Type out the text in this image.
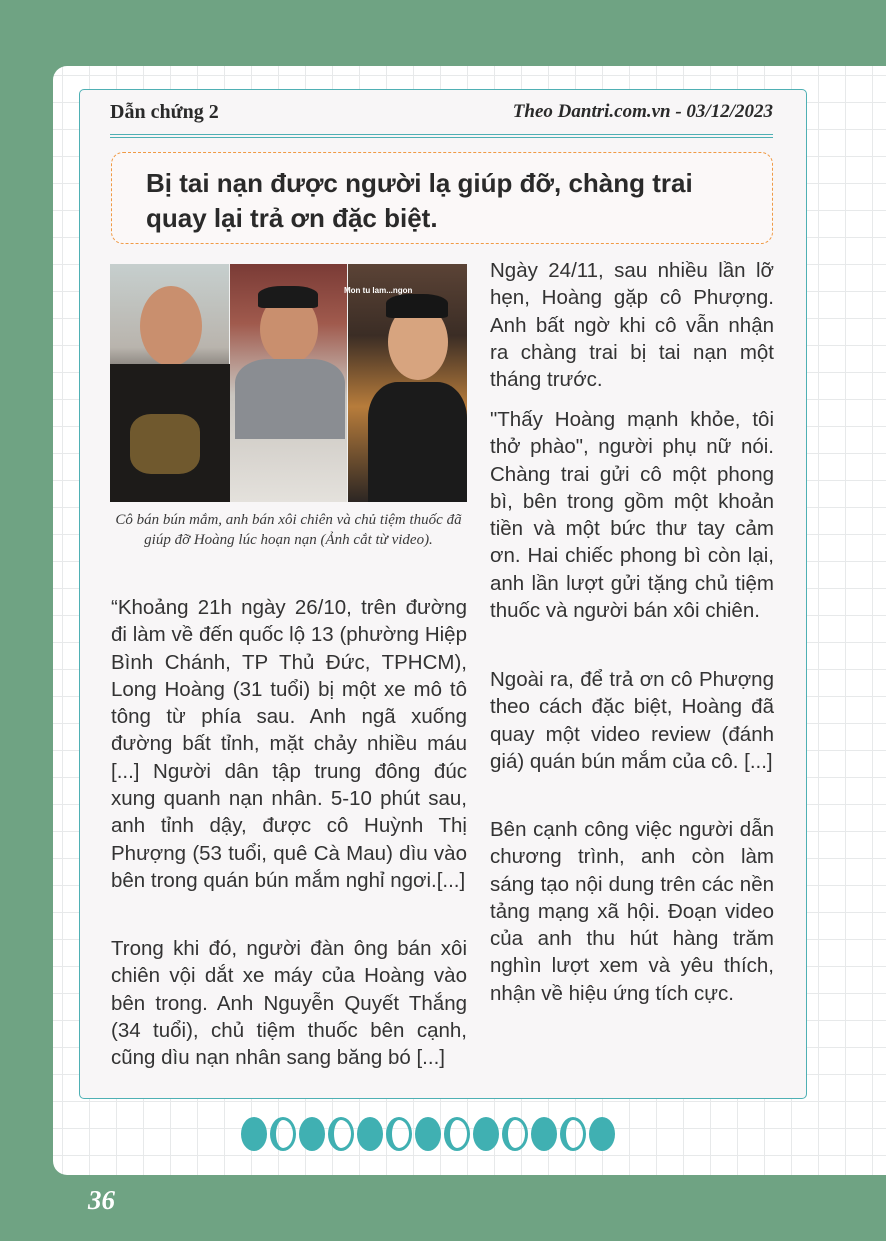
Dẫn chứng 2	Theo Dantri.com.vn - 03/12/2023
Bị tai nạn được người lạ giúp đỡ, chàng trai quay lại trả ơn đặc biệt.
Mon tu lam...ngon
Cô bán bún mắm, anh bán xôi chiên và chủ tiệm thuốc đã giúp đỡ Hoàng lúc hoạn nạn (Ảnh cắt từ video).

“Khoảng 21h ngày 26/10, trên đường đi làm về đến quốc lộ 13 (phường Hiệp Bình Chánh, TP Thủ Đức, TPHCM), Long Hoàng (31 tuổi) bị một xe mô tô tông từ phía sau. Anh ngã xuống đường bất tỉnh, mặt chảy nhiều máu [...] Người dân tập trung đông đúc xung quanh nạn nhân. 5-10 phút sau, anh tỉnh dậy, được cô Huỳnh Thị Phượng (53 tuổi, quê Cà Mau) dìu vào bên trong quán bún mắm nghỉ ngơi.[...]

Trong khi đó, người đàn ông bán xôi chiên vội dắt xe máy của Hoàng vào bên trong. Anh Nguyễn Quyết Thắng (34 tuổi), chủ tiệm thuốc bên cạnh, cũng dìu nạn nhân sang băng bó [...]

Ngày 24/11, sau nhiều lần lỡ hẹn, Hoàng gặp cô Phượng. Anh bất ngờ khi cô vẫn nhận ra chàng trai bị tai nạn một tháng trước.

"Thấy Hoàng mạnh khỏe, tôi thở phào", người phụ nữ nói. Chàng trai gửi cô một phong bì, bên trong gồm một khoản tiền và một bức thư tay cảm ơn. Hai chiếc phong bì còn lại, anh lần lượt gửi tặng chủ tiệm thuốc và người bán xôi chiên.

Ngoài ra, để trả ơn cô Phượng theo cách đặc biệt, Hoàng đã quay một video review (đánh giá) quán bún mắm của cô. [...]

Bên cạnh công việc người dẫn chương trình, anh còn làm sáng tạo nội dung trên các nền tảng mạng xã hội. Đoạn video của anh thu hút hàng trăm nghìn lượt xem và yêu thích, nhận về hiệu ứng tích cực.

36
